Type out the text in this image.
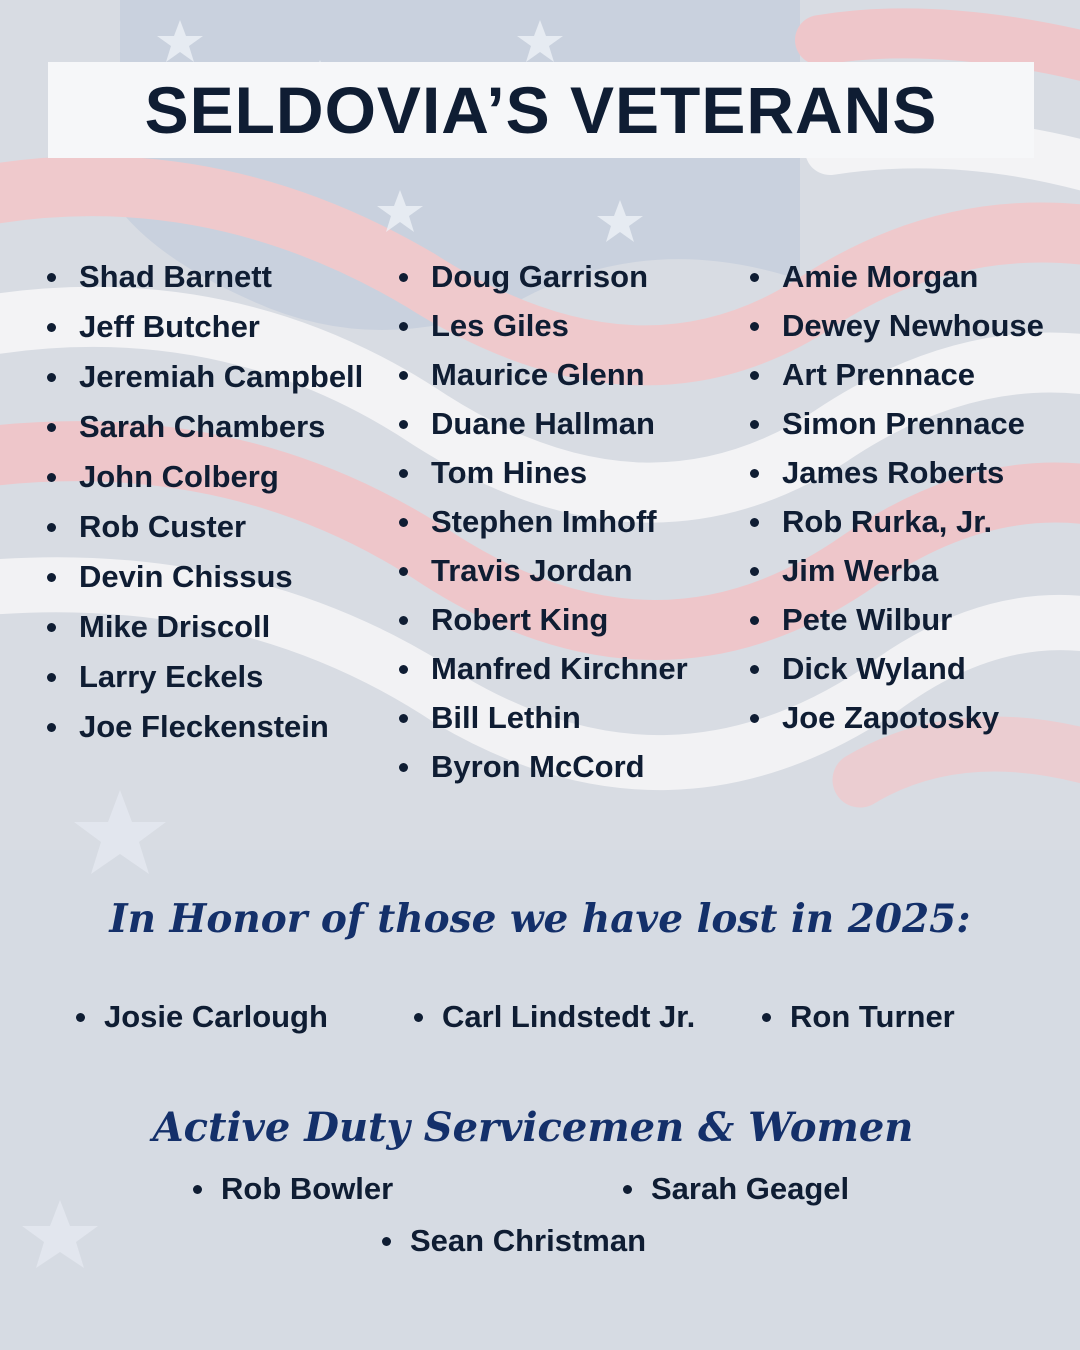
SELDOVIA’S VETERANS
Shad Barnett
Jeff Butcher
Jeremiah Campbell
Sarah Chambers
John Colberg
Rob Custer
Devin Chissus
Mike Driscoll
Larry Eckels
Joe Fleckenstein
Doug Garrison
Les Giles
Maurice Glenn
Duane Hallman
Tom Hines
Stephen Imhoff
Travis Jordan
Robert King
Manfred Kirchner
Bill Lethin
Byron McCord
Amie Morgan
Dewey Newhouse
Art Prennace
Simon Prennace
James Roberts
Rob Rurka, Jr.
Jim Werba
Pete Wilbur
Dick Wyland
Joe Zapotosky
In Honor of those we have lost in 2025:
Josie Carlough	Carl Lindstedt Jr.	Ron Turner
Active Duty Servicemen & Women
Rob Bowler	Sarah Geagel
Sean Christman
